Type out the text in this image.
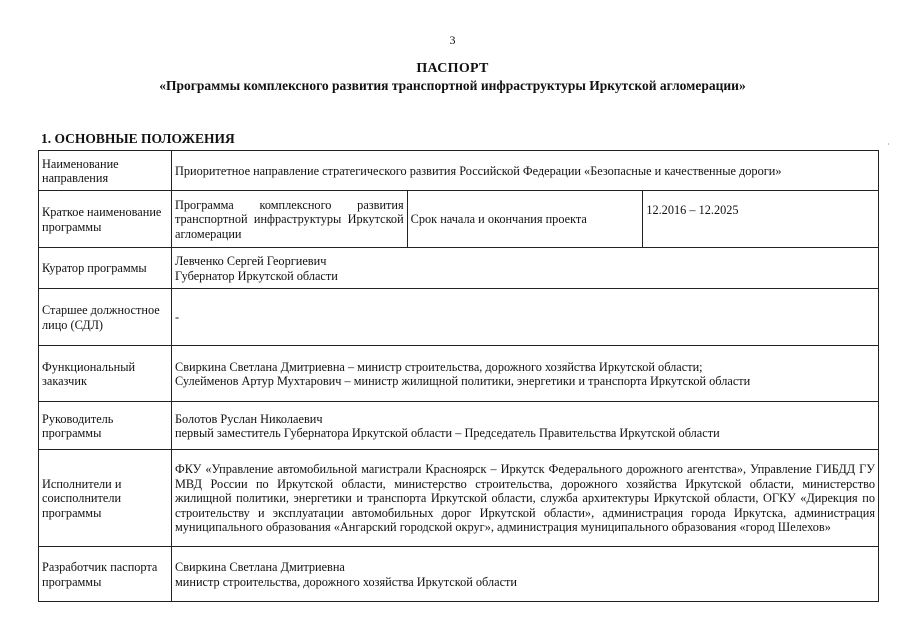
3
ПАСПОРТ
«Программы комплексного развития транспортной инфраструктуры Иркутской агломерации»
1. ОСНОВНЫЕ ПОЛОЖЕНИЯ	·
Наименование направления	Приоритетное направление стратегического развития Российской Федерации «Безопасные и качественные дороги»		
Краткое наименование программы	Программа комплексного развития транспортной инфраструктуры Иркутской агломерации	Срок начала и окончания проекта	12.2016 – 12.2025
Куратор программы	Левченко Сергей Георгиевич
Губернатор Иркутской области		

Старшее должностное лицо (СДЛ)	-		
Функциональный заказчик	Свиркина Светлана Дмитриевна – министр строительства, дорожного хозяйства Иркутской области;
Сулейменов Артур Мухтарович – министр жилищной политики, энергетики и транспорта Иркутской области		

Руководитель программы	Болотов Руслан Николаевич
первый заместитель Губернатора Иркутской области – Председатель Правительства Иркутской области		

Исполнители и соисполнители программы	ФКУ «Управление автомобильной магистрали Красноярск – Иркутск Федерального дорожного агентства», Управление ГИБДД ГУ МВД России по Иркутской области, министерство строительства, дорожного хозяйства Иркутской области, министерство жилищной политики, энергетики и транспорта Иркутской области, служба архитектуры Иркутской области, ОГКУ «Дирекция по строительству и эксплуатации автомобильных дорог Иркутской области», администрация города Иркутска, администрация муниципального образования «Ангарский городской округ», администрация муниципального образования «город Шелехов»		
Разработчик паспорта программы	Свиркина Светлана Дмитриевна
министр строительства, дорожного хозяйства Иркутской области		
